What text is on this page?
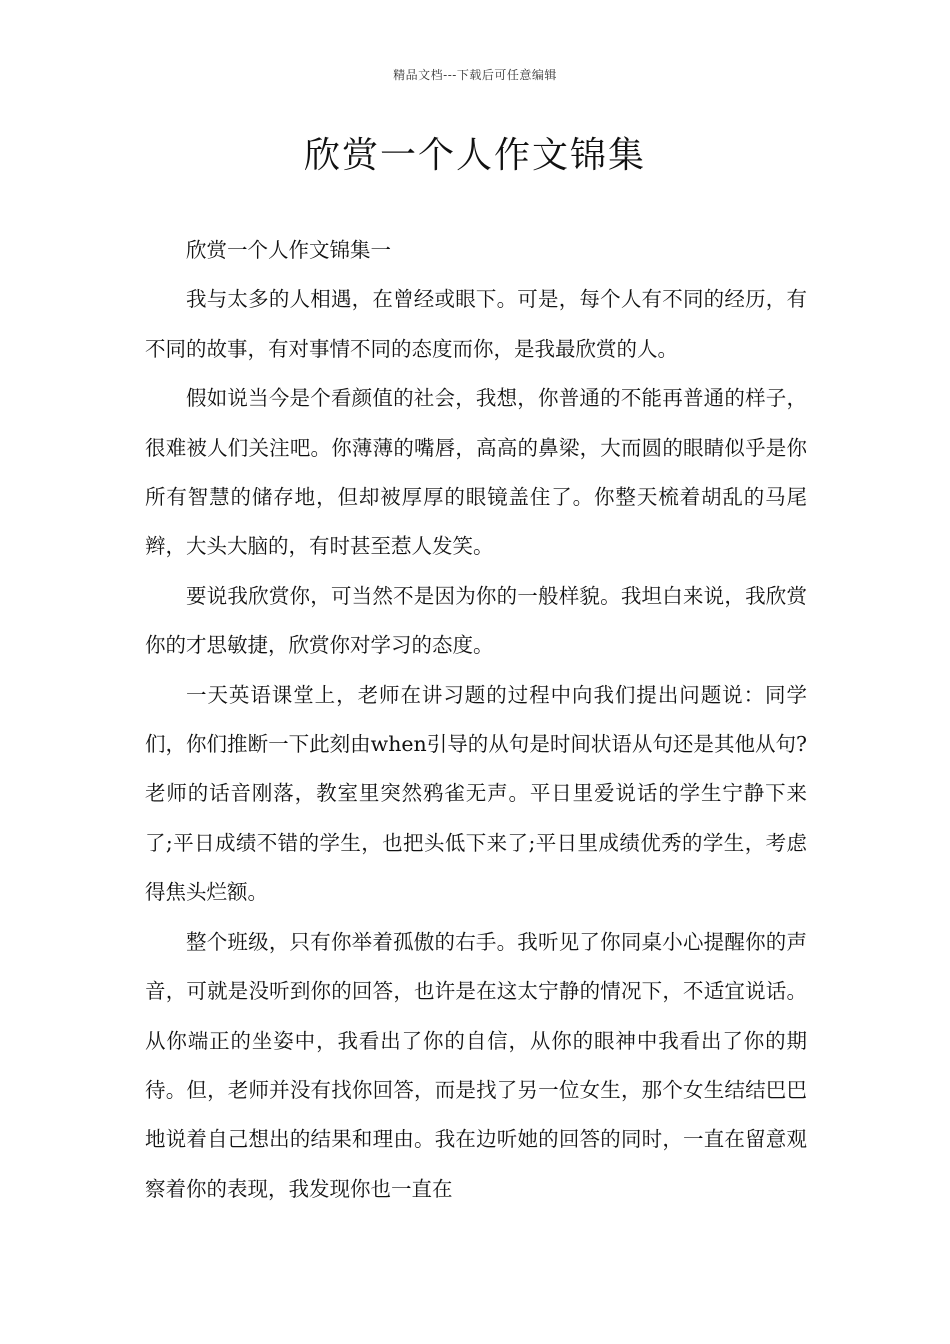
精品文档---下载后可任意编辑
欣赏一个人作文锦集

欣赏一个人作文锦集一

我与太多的人相遇，在曾经或眼下。可是，每个人有不同的经历，有不同的故事，有对事情不同的态度而你，是我最欣赏的人。

假如说当今是个看颜值的社会，我想，你普通的不能再普通的样子，很难被人们关注吧。你薄薄的嘴唇，高高的鼻梁，大而圆的眼睛似乎是你所有智慧的储存地，但却被厚厚的眼镜盖住了。你整天梳着胡乱的马尾辫，大头大脑的，有时甚至惹人发笑。

要说我欣赏你，可当然不是因为你的一般样貌。我坦白来说，我欣赏你的才思敏捷，欣赏你对学习的态度。

一天英语课堂上，老师在讲习题的过程中向我们提出问题说：同学们，你们推断一下此刻由when引导的从句是时间状语从句还是其他从句?老师的话音刚落，教室里突然鸦雀无声。平日里爱说话的学生宁静下来了;平日成绩不错的学生，也把头低下来了;平日里成绩优秀的学生，考虑得焦头烂额。

整个班级，只有你举着孤傲的右手。我听见了你同桌小心提醒你的声音，可就是没听到你的回答，也许是在这太宁静的情况下，不适宜说话。从你端正的坐姿中，我看出了你的自信，从你的眼神中我看出了你的期待。但，老师并没有找你回答，而是找了另一位女生，那个女生结结巴巴地说着自己想出的结果和理由。我在边听她的回答的同时，一直在留意观察着你的表现，我发现你也一直在
